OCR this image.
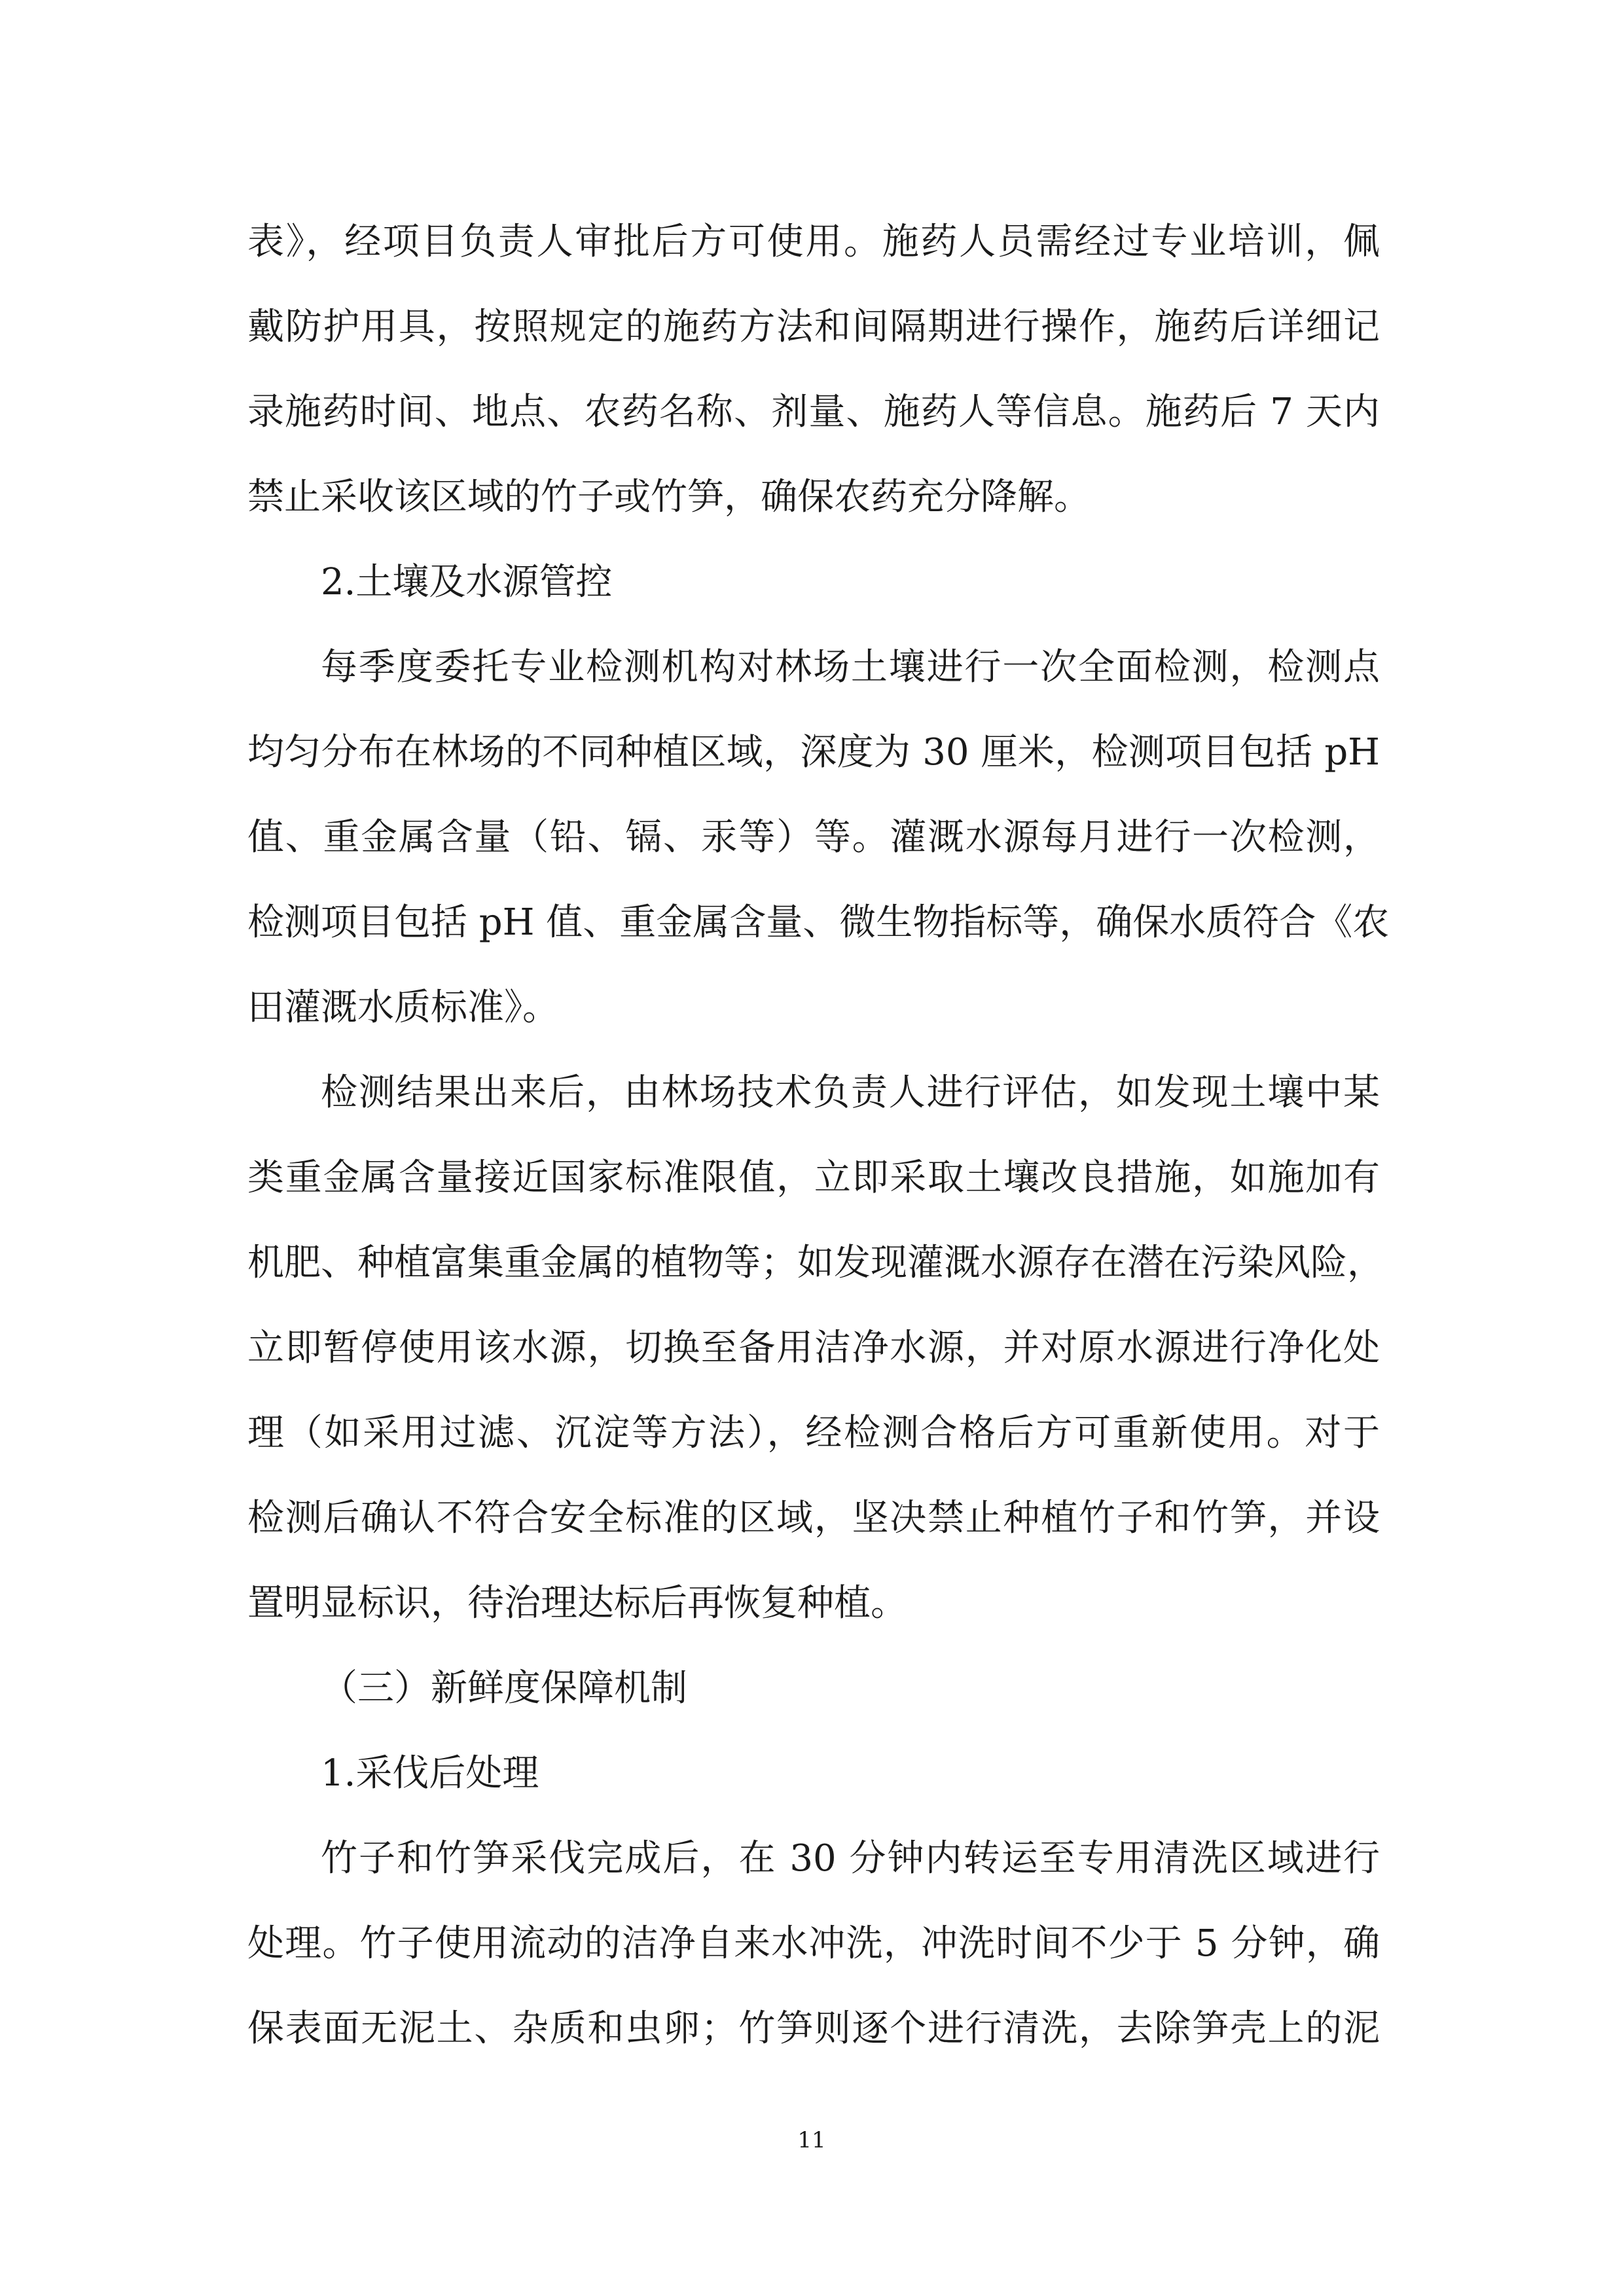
表》，经项目负责人审批后方可使用。施药人员需经过专业培训，佩
戴防护用具，按照规定的施药方法和间隔期进行操作，施药后详细记
录施药时间、地点、农药名称、剂量、施药人等信息。施药后 7 天内
禁止采收该区域的竹子或竹笋，确保农药充分降解。
2.土壤及水源管控
每季度委托专业检测机构对林场土壤进行一次全面检测，检测点
均匀分布在林场的不同种植区域，深度为 30 厘米，检测项目包括 pH
值、重金属含量（铅、镉、汞等）等。灌溉水源每月进行一次检测，
检测项目包括 pH 值、重金属含量、微生物指标等，确保水质符合《农
田灌溉水质标准》。
检测结果出来后，由林场技术负责人进行评估，如发现土壤中某
类重金属含量接近国家标准限值，立即采取土壤改良措施，如施加有
机肥、种植富集重金属的植物等；如发现灌溉水源存在潜在污染风险，
立即暂停使用该水源，切换至备用洁净水源，并对原水源进行净化处
理（如采用过滤、沉淀等方法），经检测合格后方可重新使用。对于
检测后确认不符合安全标准的区域，坚决禁止种植竹子和竹笋，并设
置明显标识，待治理达标后再恢复种植。
（三）新鲜度保障机制
1.采伐后处理
竹子和竹笋采伐完成后，在 30 分钟内转运至专用清洗区域进行
处理。竹子使用流动的洁净自来水冲洗，冲洗时间不少于 5 分钟，确
保表面无泥土、杂质和虫卵；竹笋则逐个进行清洗，去除笋壳上的泥
11
